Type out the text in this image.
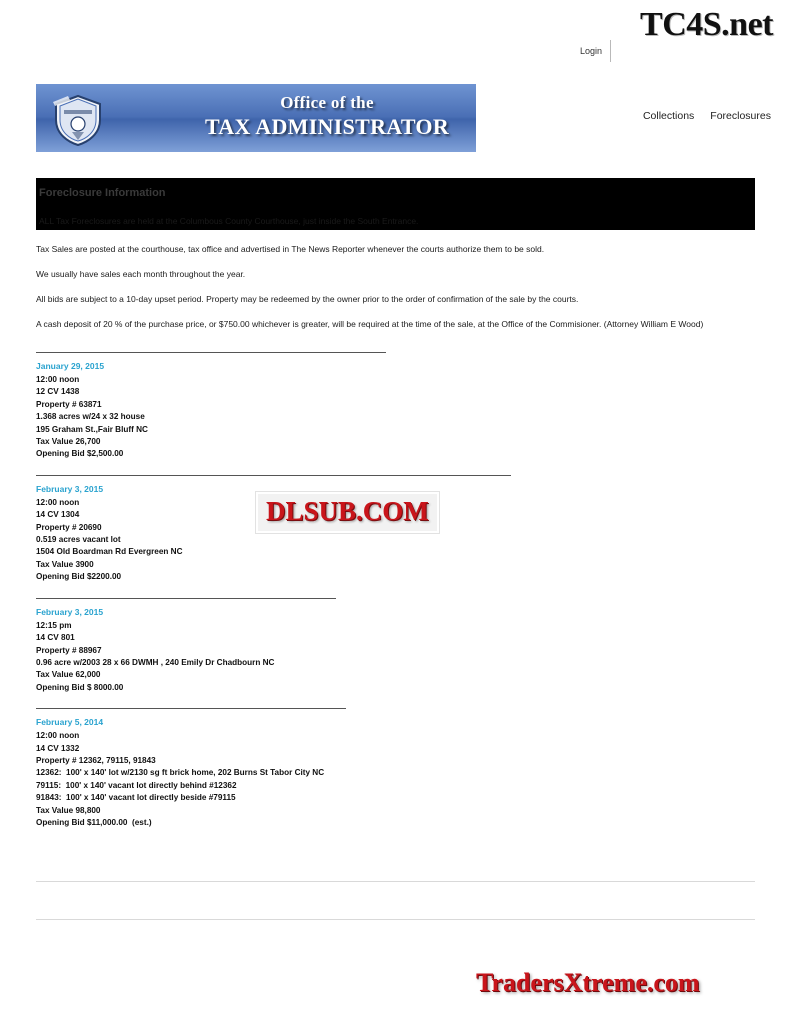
TC4S.net
Login
Office of the
TAX ADMINISTRATOR	Collections Foreclosures
Foreclosure Information
ALL Tax Foreclosures are held at the Columbous County Courthouse, just inside the South Entrance.
Tax Sales are posted at the courthouse, tax office and advertised in The News Reporter whenever the courts authorize them to be sold.
We usually have sales each month throughout the year.
All bids are subject to a 10-day upset period. Property may be redeemed by the owner prior to the order of confirmation of the sale by the courts.
A cash deposit of 20 % of the purchase price, or $750.00 whichever is greater, will be required at the time of the sale, at the Office of the Commisioner. (Attorney William E Wood)
January 29, 2015
12:00 noon
12 CV 1438
Property # 63871
1.368 acres w/24 x 32 house
195 Graham St.,Fair Bluff NC
Tax Value 26,700
Opening Bid $2,500.00
February 3, 2015
12:00 noon
14 CV 1304
Property # 20690
0.519 acres vacant lot
1504 Old Boardman Rd Evergreen NC
Tax Value 3900
Opening Bid $2200.00
February 3, 2015
12:15 pm
14 CV 801
Property # 88967
0.96 acre w/2003 28 x 66 DWMH , 240 Emily Dr Chadbourn NC
Tax Value 62,000
Opening Bid $ 8000.00
February 5, 2014
12:00 noon
14 CV 1332
Property # 12362, 79115, 91843
12362:  100' x 140' lot w/2130 sg ft brick home, 202 Burns St Tabor City NC
79115:  100' x 140' vacant lot directly behind #12362
91843:  100' x 140' vacant lot directly beside #79115
Tax Value 98,800
Opening Bid $11,000.00  (est.)
DLSUB.COM
TradersXtreme.com
